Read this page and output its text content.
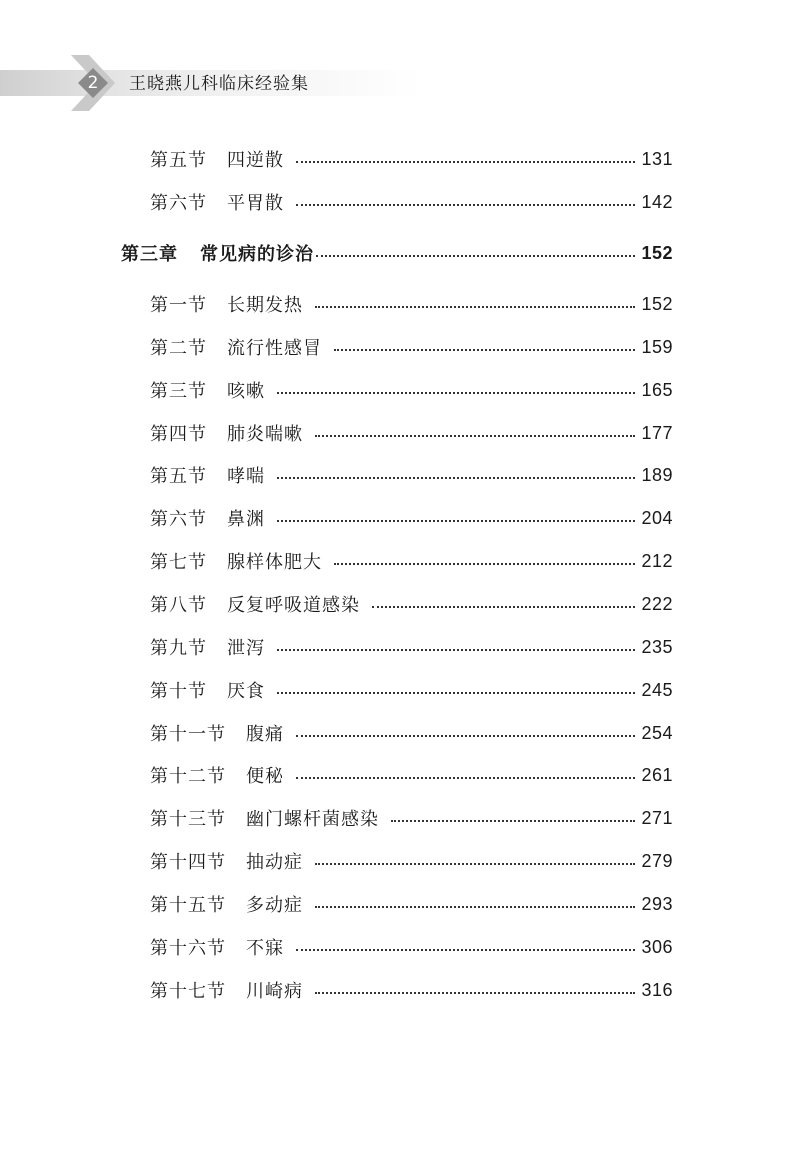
2	王晓燕儿科临床经验集
第五节 四逆散	131
第六节 平胃散	142
第三章 常见病的诊治	152
第一节 长期发热	152
第二节 流行性感冒	159
第三节 咳嗽	165
第四节 肺炎喘嗽	177
第五节 哮喘	189
第六节 鼻渊	204
第七节 腺样体肥大	212
第八节 反复呼吸道感染	222
第九节 泄泻	235
第十节 厌食	245
第十一节 腹痛	254
第十二节 便秘	261
第十三节 幽门螺杆菌感染	271
第十四节 抽动症	279
第十五节 多动症	293
第十六节 不寐	306
第十七节 川崎病	316
